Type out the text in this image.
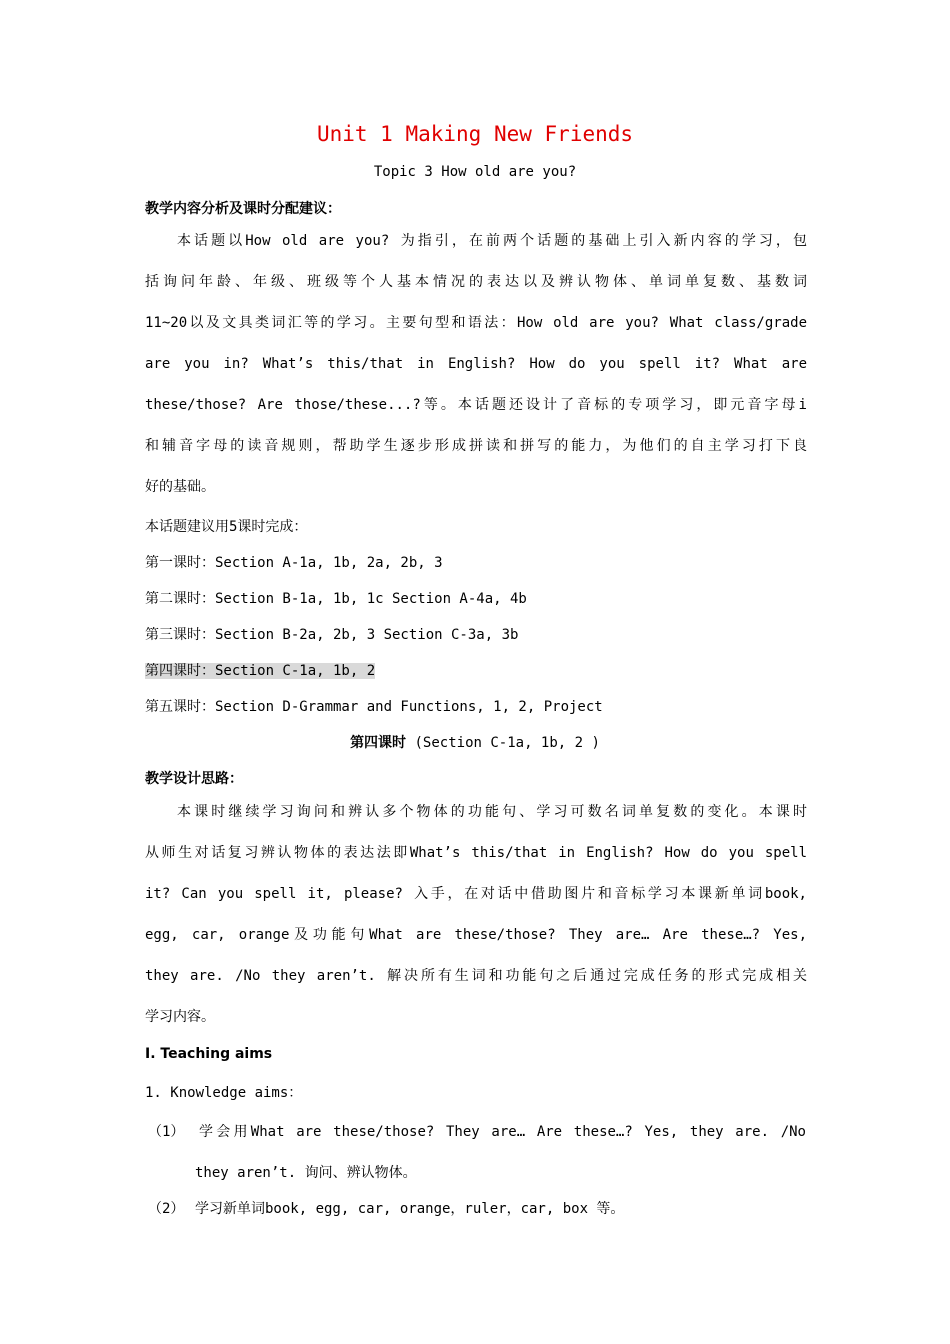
Unit 1 Making New Friends
Topic 3 How old are you?
教学内容分析及课时分配建议：
本话题以How old are you? 为指引，在前两个话题的基础上引入新内容的学习，包
括询问年龄、年级、班级等个人基本情况的表达以及辨认物体、单词单复数、基数词
11~20以及文具类词汇等的学习。主要句型和语法：How old are you? What class/grade
are you in? What’s this/that in English? How do you spell it? What are
these/those? Are those/these...?等。本话题还设计了音标的专项学习，即元音字母i
和辅音字母的读音规则，帮助学生逐步形成拼读和拼写的能力，为他们的自主学习打下良
好的基础。
本话题建议用5课时完成：
第一课时：Section A-1a, 1b, 2a, 2b, 3
第二课时：Section B-1a, 1b, 1c Section A-4a, 4b
第三课时：Section B-2a, 2b, 3 Section C-3a, 3b
第四课时：Section C-1a, 1b, 2
第五课时：Section D-Grammar and Functions, 1, 2, Project
第四课时 (Section C-1a, 1b, 2 )
教学设计思路：
本课时继续学习询问和辨认多个物体的功能句、学习可数名词单复数的变化。本课时
从师生对话复习辨认物体的表达法即What’s this/that in English? How do you spell
it? Can you spell it, please? 入手，在对话中借助图片和音标学习本课新单词book,
egg, car, orange及功能句What are these/those? They are… Are these…? Yes,
they are. /No they aren’t. 解决所有生词和功能句之后通过完成任务的形式完成相关
学习内容。
Ⅰ. Teaching aims
1. Knowledge aims：
（1）	学会用What are these/those? They are… Are these…? Yes, they are. /No
they aren’t. 询问、辨认物体。
（2） 学习新单词book, egg, car, orange，ruler，car, box 等。
